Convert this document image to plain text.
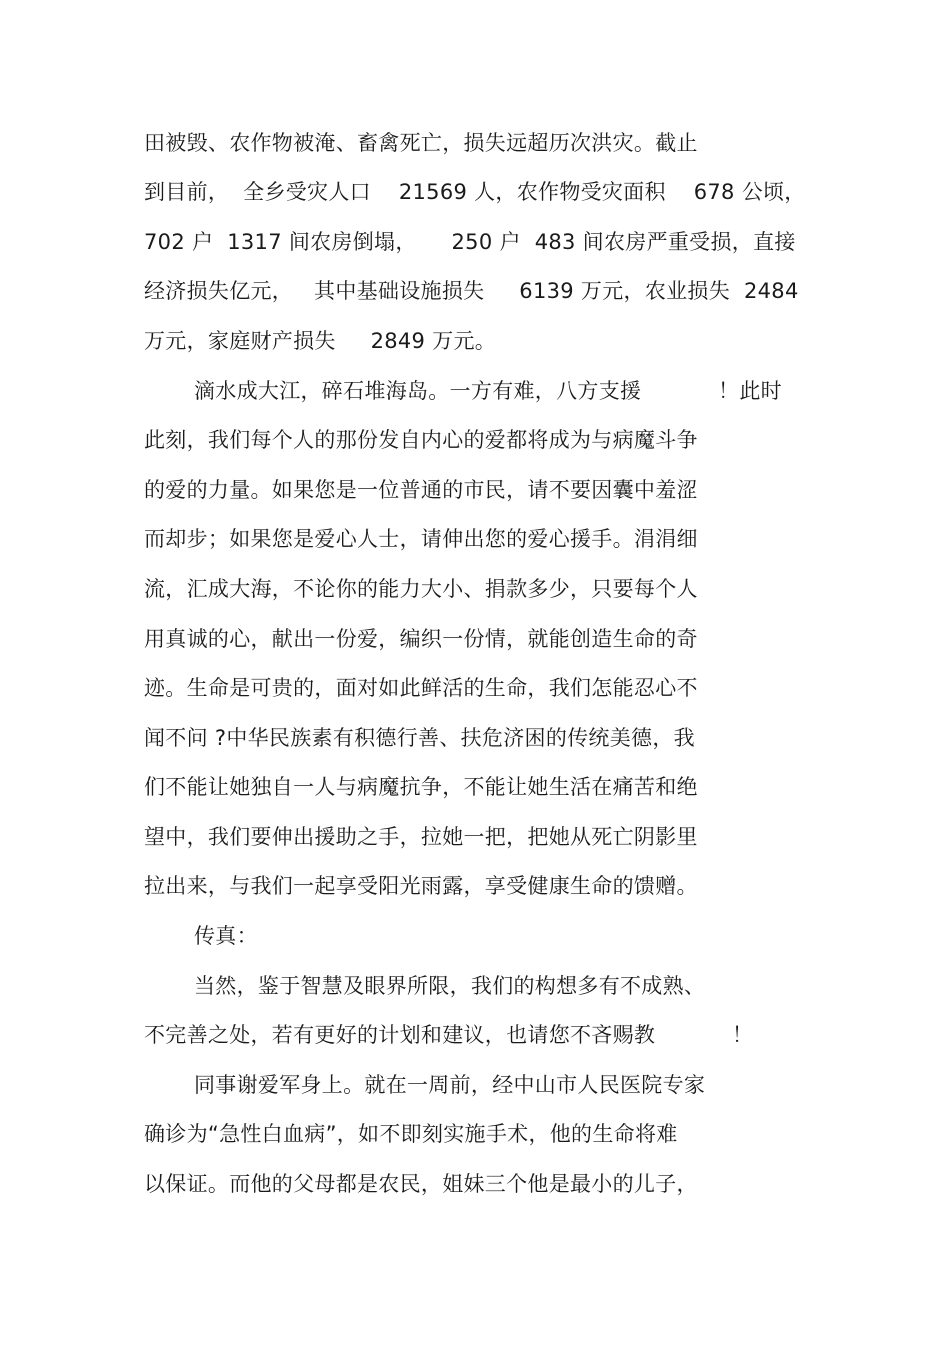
田被毁、农作物被淹、畜禽死亡，损失远超历次洪灾。截止
到目前，  全乡受灾人口    21569 人，农作物受灾面积    678 公顷，
702 户  1317 间农房倒塌，     250 户  483 间农房严重受损，直接
经济损失亿元，   其中基础设施损失     6139 万元，农业损失  2484
万元，家庭财产损失     2849 万元。
滴水成大江，碎石堆海岛。一方有难，八方支援           ！此时
此刻，我们每个人的那份发自内心的爱都将成为与病魔斗争
的爱的力量。如果您是一位普通的市民，请不要因囊中羞涩
而却步；如果您是爱心人士，请伸出您的爱心援手。涓涓细
流，汇成大海，不论你的能力大小、捐款多少，只要每个人
用真诚的心，献出一份爱，编织一份情，就能创造生命的奇
迹。生命是可贵的，面对如此鲜活的生命，我们怎能忍心不
闻不问 ?中华民族素有积德行善、扶危济困的传统美德，我
们不能让她独自一人与病魔抗争，不能让她生活在痛苦和绝
望中，我们要伸出援助之手，拉她一把，把她从死亡阴影里
拉出来，与我们一起享受阳光雨露，享受健康生命的馈赠。
传真：
当然，鉴于智慧及眼界所限，我们的构想多有不成熟、
不完善之处，若有更好的计划和建议，也请您不吝赐教           ！
同事谢爱军身上。就在一周前，经中山市人民医院专家
确诊为“急性白血病”，如不即刻实施手术，他的生命将难
以保证。而他的父母都是农民，姐妹三个他是最小的儿子，
